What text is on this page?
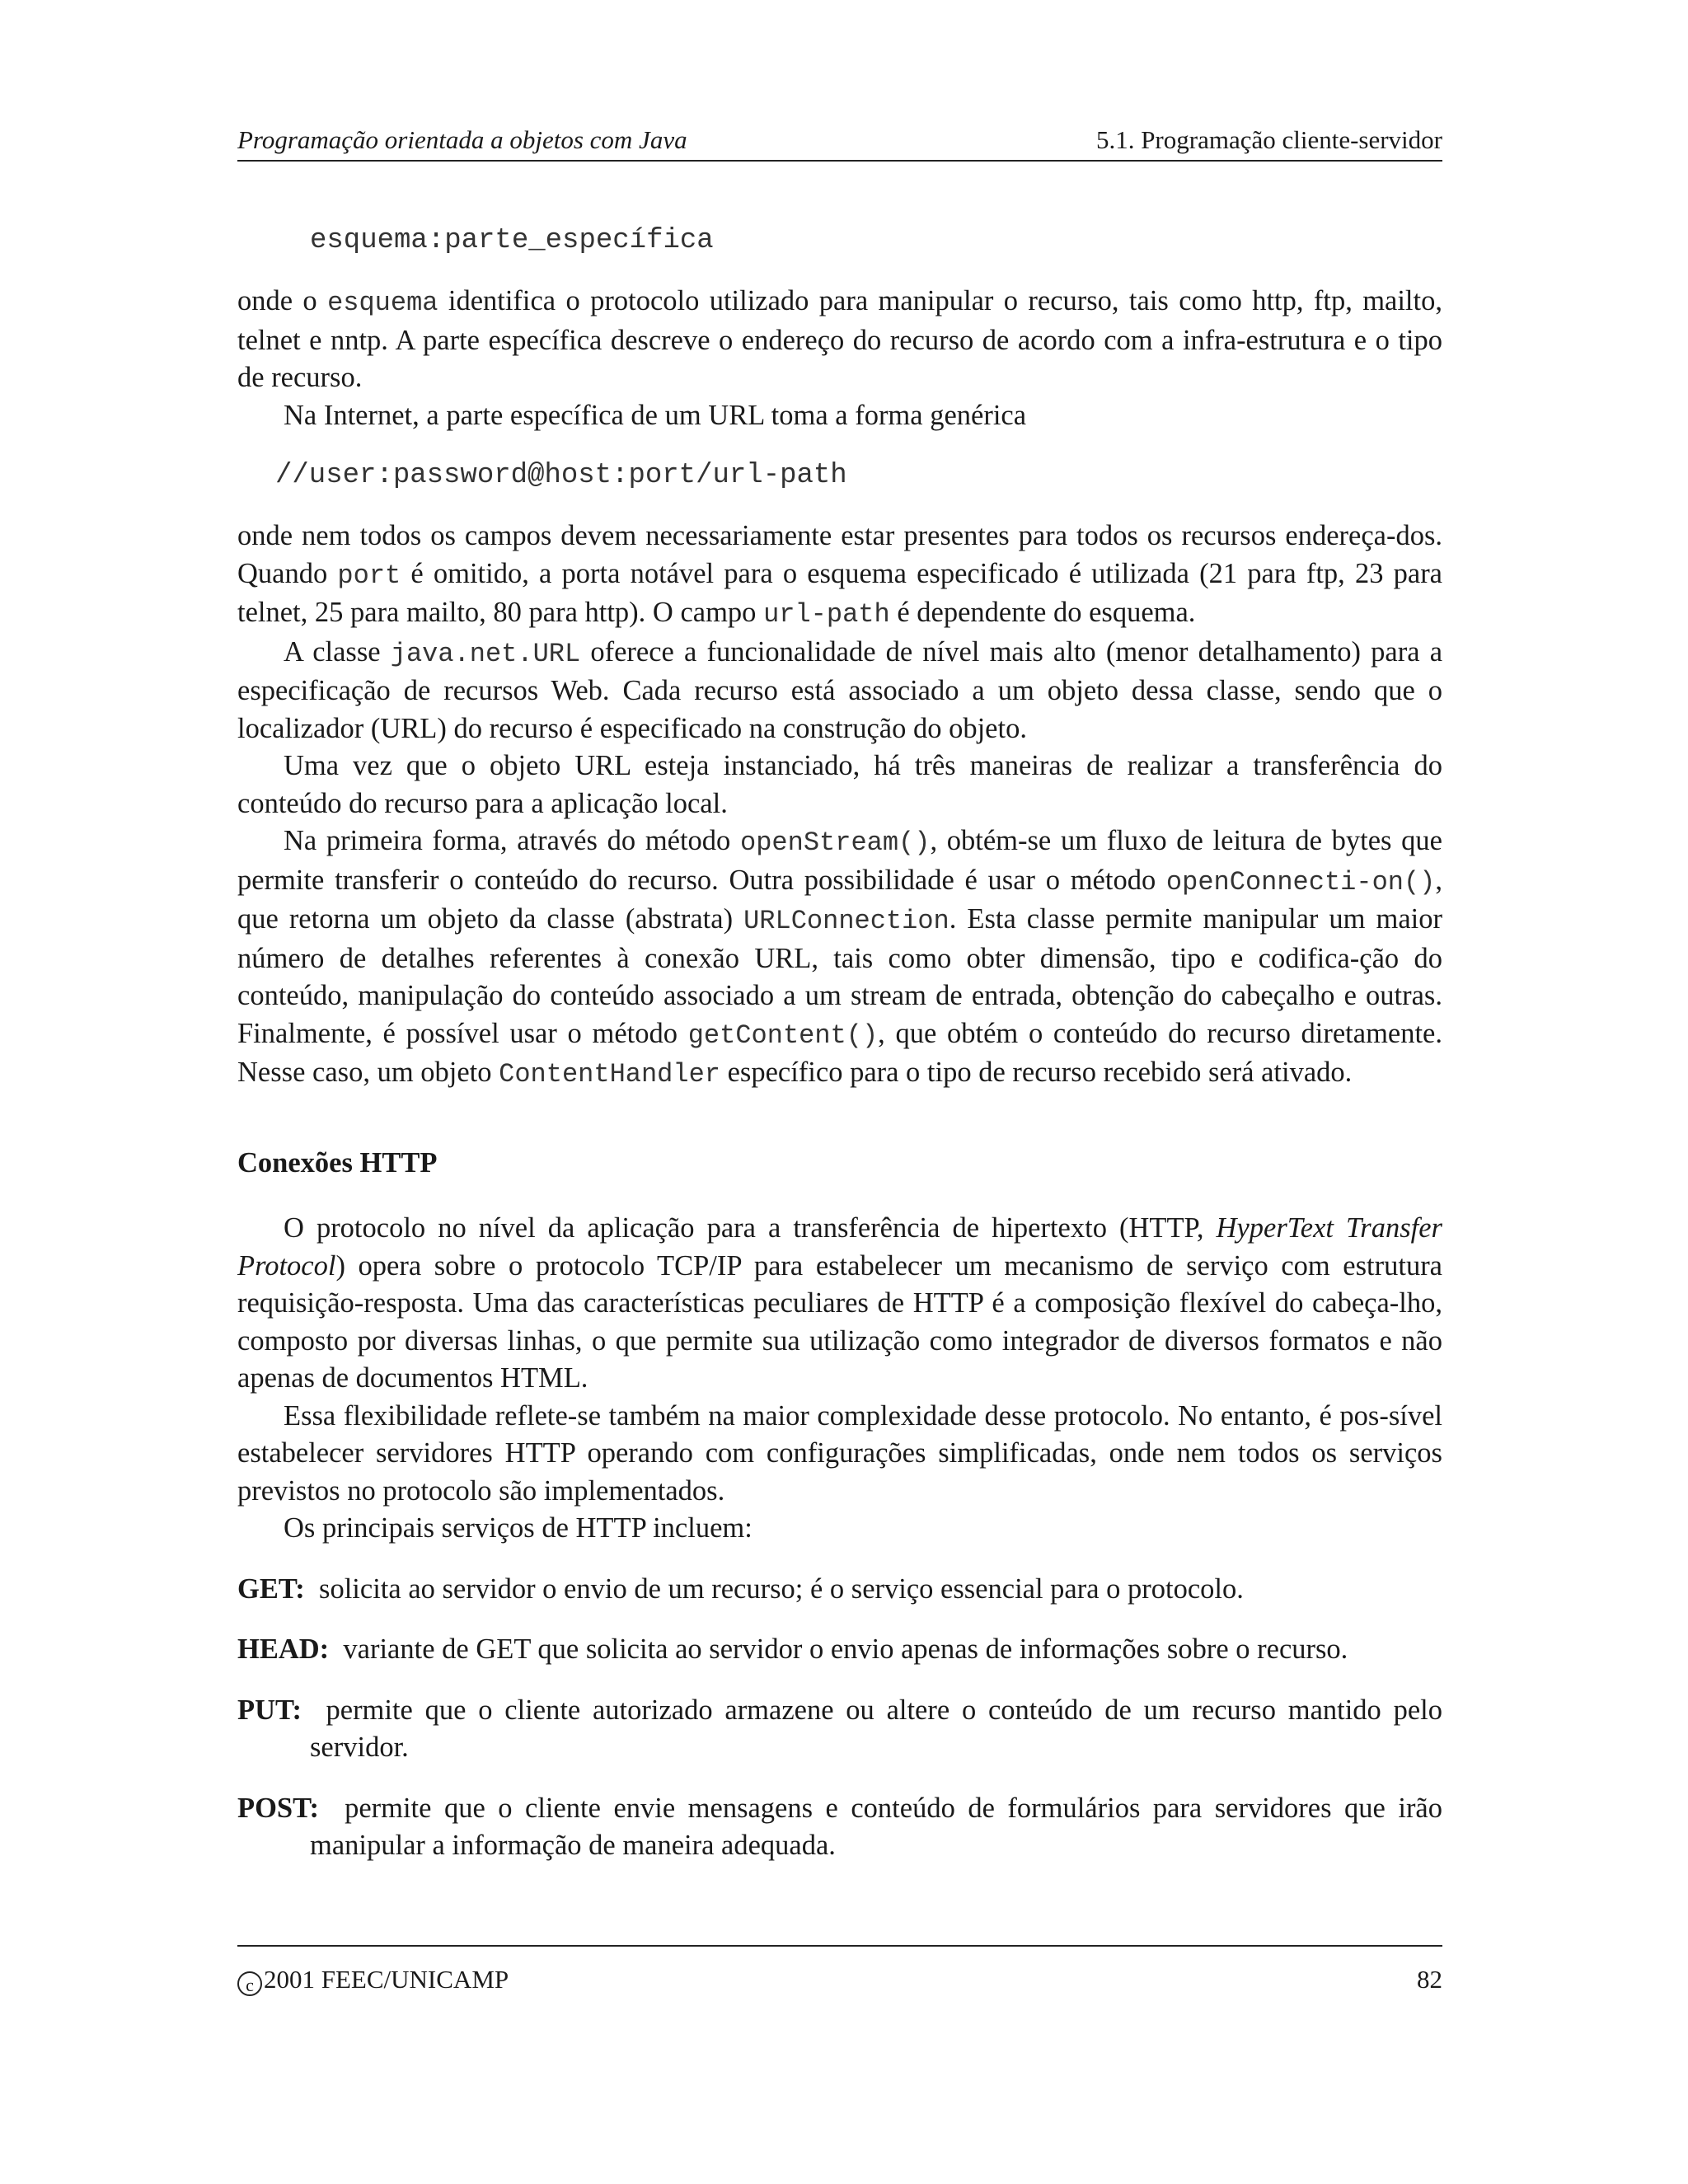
Programação orientada a objetos com Java	5.1. Programação cliente-servidor
esquema:parte_específica

onde o esquema identifica o protocolo utilizado para manipular o recurso, tais como http, ftp, mailto, telnet e nntp. A parte específica descreve o endereço do recurso de acordo com a infra-estrutura e o tipo de recurso.

Na Internet, a parte específica de um URL toma a forma genérica

//user:password@host:port/url-path

onde nem todos os campos devem necessariamente estar presentes para todos os recursos endereça-dos. Quando port é omitido, a porta notável para o esquema especificado é utilizada (21 para ftp, 23 para telnet, 25 para mailto, 80 para http). O campo url-path é dependente do esquema.

A classe java.net.URL oferece a funcionalidade de nível mais alto (menor detalhamento) para a especificação de recursos Web. Cada recurso está associado a um objeto dessa classe, sendo que o localizador (URL) do recurso é especificado na construção do objeto.

Uma vez que o objeto URL esteja instanciado, há três maneiras de realizar a transferência do conteúdo do recurso para a aplicação local.

Na primeira forma, através do método openStream(), obtém-se um fluxo de leitura de bytes que permite transferir o conteúdo do recurso. Outra possibilidade é usar o método openConnecti-on(), que retorna um objeto da classe (abstrata) URLConnection. Esta classe permite manipular um maior número de detalhes referentes à conexão URL, tais como obter dimensão, tipo e codifica-ção do conteúdo, manipulação do conteúdo associado a um stream de entrada, obtenção do cabeçalho e outras. Finalmente, é possível usar o método getContent(), que obtém o conteúdo do recurso diretamente. Nesse caso, um objeto ContentHandler específico para o tipo de recurso recebido será ativado.

Conexões HTTP

O protocolo no nível da aplicação para a transferência de hipertexto (HTTP, HyperText Transfer Protocol) opera sobre o protocolo TCP/IP para estabelecer um mecanismo de serviço com estrutura requisição-resposta. Uma das características peculiares de HTTP é a composição flexível do cabeça-lho, composto por diversas linhas, o que permite sua utilização como integrador de diversos formatos e não apenas de documentos HTML.

Essa flexibilidade reflete-se também na maior complexidade desse protocolo. No entanto, é pos-sível estabelecer servidores HTTP operando com configurações simplificadas, onde nem todos os serviços previstos no protocolo são implementados.

Os principais serviços de HTTP incluem:

GET: solicita ao servidor o envio de um recurso; é o serviço essencial para o protocolo.
HEAD: variante de GET que solicita ao servidor o envio apenas de informações sobre o recurso.
PUT: permite que o cliente autorizado armazene ou altere o conteúdo de um recurso mantido pelo servidor.
POST: permite que o cliente envie mensagens e conteúdo de formulários para servidores que irão manipular a informação de maneira adequada.
c 2001 FEEC/UNICAMP	82
